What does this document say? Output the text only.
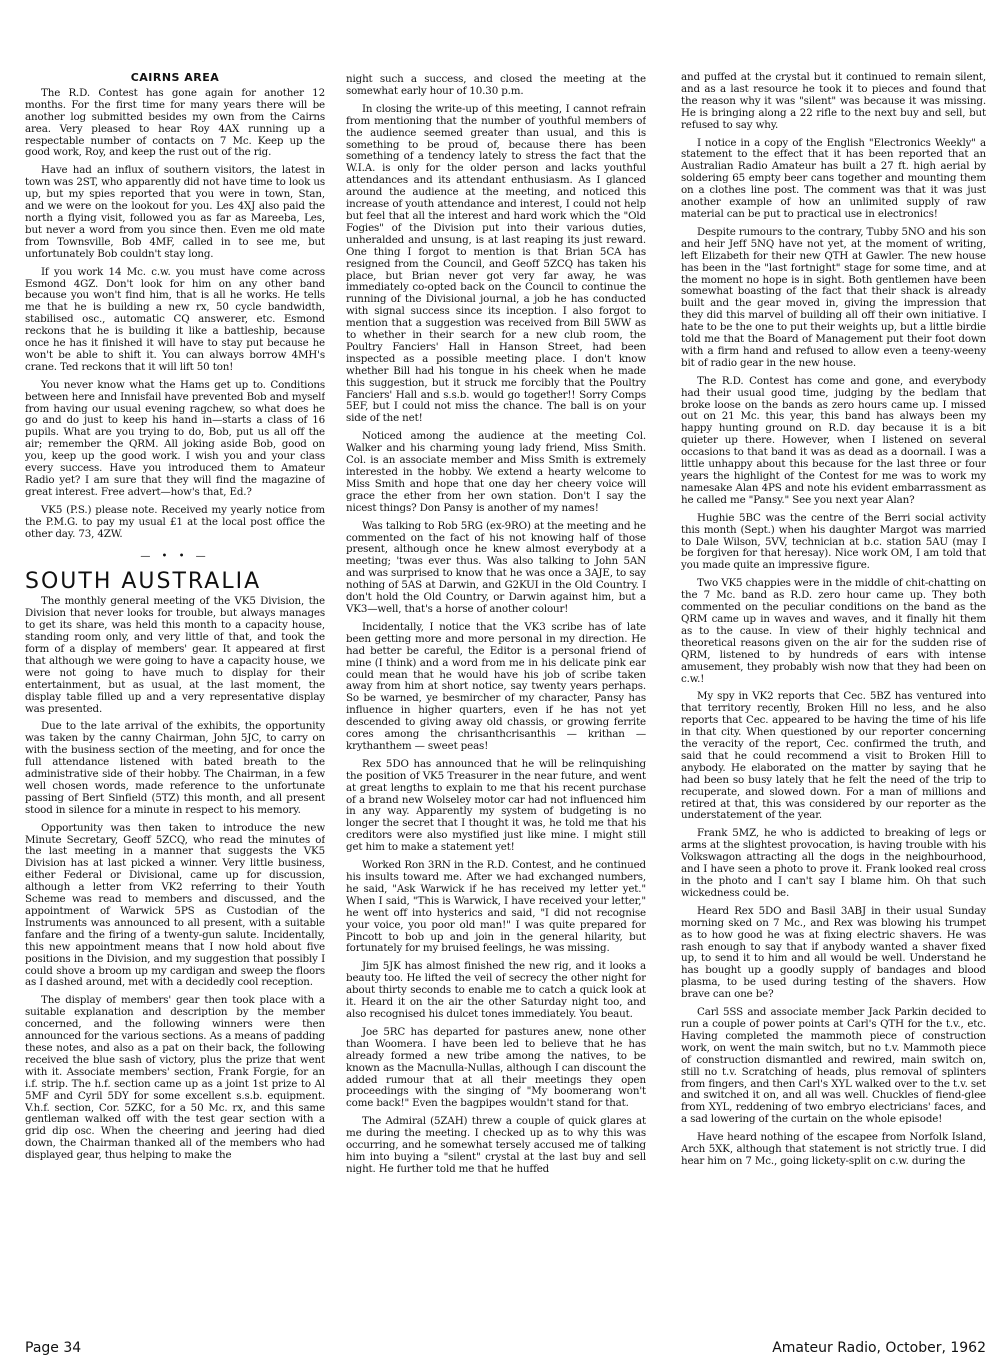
CAIRNS AREA

The R.D. Contest has gone again for another 12 months. For the first time for many years there will be another log submitted besides my own from the Cairns area. Very pleased to hear Roy 4AX running up a respectable number of contacts on 7 Mc. Keep up the good work, Roy, and keep the rust out of the rig.

Have had an influx of southern visitors, the latest in town was 2ST, who apparently did not have time to look us up, but my spies reported that you were in town, Stan, and we were on the lookout for you. Les 4XJ also paid the north a flying visit, followed you as far as Mareeba, Les, but never a word from you since then. Even me old mate from Townsville, Bob 4MF, called in to see me, but unfortunately Bob couldn't stay long.

If you work 14 Mc. c.w. you must have come across Esmond 4GZ. Don't look for him on any other band because you won't find him, that is all he works. He tells me that he is building a new rx, 50 cycle bandwidth, stabilised osc., automatic CQ answerer, etc. Esmond reckons that he is building it like a battleship, because once he has it finished it will have to stay put because he won't be able to shift it. You can always borrow 4MH's crane. Ted reckons that it will lift 50 ton!

You never know what the Hams get up to. Conditions between here and Innisfail have prevented Bob and myself from having our usual evening ragchew, so what does he go and do just to keep his hand in—starts a class of 16 pupils. What are you trying to do, Bob, put us all off the air; remember the QRM. All joking aside Bob, good on you, keep up the good work. I wish you and your class every success. Have you introduced them to Amateur Radio yet? I am sure that they will find the magazine of great interest. Free advert—how's that, Ed.?

VK5 (P.S.) please note. Received my yearly notice from the P.M.G. to pay my usual £1 at the local post office the other day. 73, 4ZW.

— • • —
SOUTH AUSTRALIA

The monthly general meeting of the VK5 Division, the Division that never looks for trouble, but always manages to get its share, was held this month to a capacity house, standing room only, and very little of that, and took the form of a display of members' gear. It appeared at first that although we were going to have a capacity house, we were not going to have much to display for their entertainment, but as usual, at the last moment, the display table filled up and a very representative display was presented.

Due to the late arrival of the exhibits, the opportunity was taken by the canny Chairman, John 5JC, to carry on with the business section of the meeting, and for once the full attendance listened with bated breath to the administrative side of their hobby. The Chairman, in a few well chosen words, made reference to the unfortunate passing of Bert Sinfield (5TZ) this month, and all present stood in silence for a minute in respect to his memory.

Opportunity was then taken to introduce the new Minute Secretary, Geoff 5ZCQ, who read the minutes of the last meeting in a manner that suggests the VK5 Division has at last picked a winner. Very little business, either Federal or Divisional, came up for discussion, although a letter from VK2 referring to their Youth Scheme was read to members and discussed, and the appointment of Warwick 5PS as Custodian of the Instruments was announced to all present, with a suitable fanfare and the firing of a twenty-gun salute. Incidentally, this new appointment means that I now hold about five positions in the Division, and my suggestion that possibly I could shove a broom up my cardigan and sweep the floors as I dashed around, met with a decidedly cool reception.

The display of members' gear then took place with a suitable explanation and description by the member concerned, and the following winners were then announced for the various sections. As a means of padding these notes, and also as a pat on their back, the following received the blue sash of victory, plus the prize that went with it. Associate members' section, Frank Forgie, for an i.f. strip. The h.f. section came up as a joint 1st prize to Al 5MF and Cyril 5DY for some excellent s.s.b. equipment. V.h.f. section, Cor. 5ZKC, for a 50 Mc. rx, and this same gentleman walked off with the test gear section with a grid dip osc. When the cheering and jeering had died down, the Chairman thanked all of the members who had displayed gear, thus helping to make the

night such a success, and closed the meeting at the somewhat early hour of 10.30 p.m.

In closing the write-up of this meeting, I cannot refrain from mentioning that the number of youthful members of the audience seemed greater than usual, and this is something to be proud of, because there has been something of a tendency lately to stress the fact that the W.I.A. is only for the older person and lacks youthful attendances and its attendant enthusiasm. As I glanced around the audience at the meeting, and noticed this increase of youth attendance and interest, I could not help but feel that all the interest and hard work which the "Old Fogies" of the Division put into their various duties, unheralded and unsung, is at last reaping its just reward. One thing I forgot to mention is that Brian 5CA has resigned from the Council, and Geoff 5ZCQ has taken his place, but Brian never got very far away, he was immediately co-opted back on the Council to continue the running of the Divisional journal, a job he has conducted with signal success since its inception. I also forgot to mention that a suggestion was received from Bill 5WW as to whether in their search for a new club room, the Poultry Fanciers' Hall in Hanson Street, had been inspected as a possible meeting place. I don't know whether Bill had his tongue in his cheek when he made this suggestion, but it struck me forcibly that the Poultry Fanciers' Hall and s.s.b. would go together!! Sorry Comps 5EF, but I could not miss the chance. The ball is on your side of the net!

Noticed among the audience at the meeting Col. Walker and his charming young lady friend, Miss Smith. Col. is an associate member and Miss Smith is extremely interested in the hobby. We extend a hearty welcome to Miss Smith and hope that one day her cheery voice will grace the ether from her own station. Don't I say the nicest things? Don Pansy is another of my names!

Was talking to Rob 5RG (ex-9RO) at the meeting and he commented on the fact of his not knowing half of those present, although once he knew almost everybody at a meeting; 'twas ever thus. Was also talking to John 5AN and was surprised to know that he was once a 3AJE, to say nothing of 5AS at Darwin, and G2KUI in the Old Country. I don't hold the Old Country, or Darwin against him, but a VK3—well, that's a horse of another colour!

Incidentally, I notice that the VK3 scribe has of late been getting more and more personal in my direction. He had better be careful, the Editor is a personal friend of mine (I think) and a word from me in his delicate pink ear could mean that he would have his job of scribe taken away from him at short notice, say twenty years perhaps. So be warned, ye besmircher of my character, Pansy has influence in higher quarters, even if he has not yet descended to giving away old chassis, or growing ferrite cores among the chrisanthcrisanthis — krithan — krythanthem — sweet peas!

Rex 5DO has announced that he will be relinquishing the position of VK5 Treasurer in the near future, and went at great lengths to explain to me that his recent purchase of a brand new Wolseley motor car had not influenced him in any way. Apparently my system of budgeting is no longer the secret that I thought it was, he told me that his creditors were also mystified just like mine. I might still get him to make a statement yet!

Worked Ron 3RN in the R.D. Contest, and he continued his insults toward me. After we had exchanged numbers, he said, "Ask Warwick if he has received my letter yet." When I said, "This is Warwick, I have received your letter," he went off into hysterics and said, "I did not recognise your voice, you poor old man!" I was quite prepared for Pincott to bob up and join in the general hilarity, but fortunately for my bruised feelings, he was missing.

Jim 5JK has almost finished the new rig, and it looks a beauty too. He lifted the veil of secrecy the other night for about thirty seconds to enable me to catch a quick look at it. Heard it on the air the other Saturday night too, and also recognised his dulcet tones immediately. You beaut.

Joe 5RC has departed for pastures anew, none other than Woomera. I have been led to believe that he has already formed a new tribe among the natives, to be known as the Macnulla-Nullas, although I can discount the added rumour that at all their meetings they open proceedings with the singing of "My boomerang won't come back!" Even the bagpipes wouldn't stand for that.

The Admiral (5ZAH) threw a couple of quick glares at me during the meeting. I checked up as to why this was occurring, and he somewhat tersely accused me of talking him into buying a "silent" crystal at the last buy and sell night. He further told me that he huffed

and puffed at the crystal but it continued to remain silent, and as a last resource he took it to pieces and found that the reason why it was "silent" was because it was missing. He is bringing along a 22 rifle to the next buy and sell, but refused to say why.

I notice in a copy of the English "Electronics Weekly" a statement to the effect that it has been reported that an Australian Radio Amateur has built a 27 ft. high aerial by soldering 65 empty beer cans together and mounting them on a clothes line post. The comment was that it was just another example of how an unlimited supply of raw material can be put to practical use in electronics!

Despite rumours to the contrary, Tubby 5NO and his son and heir Jeff 5NQ have not yet, at the moment of writing, left Elizabeth for their new QTH at Gawler. The new house has been in the "last fortnight" stage for some time, and at the moment no hope is in sight. Both gentlemen have been somewhat boasting of the fact that their shack is already built and the gear moved in, giving the impression that they did this marvel of building all off their own initiative. I hate to be the one to put their weights up, but a little birdie told me that the Board of Management put their foot down with a firm hand and refused to allow even a teeny-weeny bit of radio gear in the new house.

The R.D. Contest has come and gone, and everybody had their usual good time, judging by the bedlam that broke loose on the bands as zero hours came up. I missed out on 21 Mc. this year, this band has always been my happy hunting ground on R.D. day because it is a bit quieter up there. However, when I listened on several occasions to that band it was as dead as a doornail. I was a little unhappy about this because for the last three or four years the highlight of the Contest for me was to work my namesake Alan 4PS and note his evident embarrassment as he called me "Pansy." See you next year Alan?

Hughie 5BC was the centre of the Berri social activity this month (Sept.) when his daughter Margot was married to Dale Wilson, 5VV, technician at b.c. station 5AU (may I be forgiven for that heresay). Nice work OM, I am told that you made quite an impressive figure.

Two VK5 chappies were in the middle of chit-chatting on the 7 Mc. band as R.D. zero hour came up. They both commented on the peculiar conditions on the band as the QRM came up in waves and waves, and it finally hit them as to the cause. In view of their highly technical and theoretical reasons given on the air for the sudden rise of QRM, listened to by hundreds of ears with intense amusement, they probably wish now that they had been on c.w.!

My spy in VK2 reports that Cec. 5BZ has ventured into that territory recently, Broken Hill no less, and he also reports that Cec. appeared to be having the time of his life in that city. When questioned by our reporter concerning the veracity of the report, Cec. confirmed the truth, and said that he could recommend a visit to Broken Hill to anybody. He elaborated on the matter by saying that he had been so busy lately that he felt the need of the trip to recuperate, and slowed down. For a man of millions and retired at that, this was considered by our reporter as the understatement of the year.

Frank 5MZ, he who is addicted to breaking of legs or arms at the slightest provocation, is having trouble with his Volkswagon attracting all the dogs in the neighbourhood, and I have seen a photo to prove it. Frank looked real cross in the photo and I can't say I blame him. Oh that such wickedness could be.

Heard Rex 5DO and Basil 3ABJ in their usual Sunday morning sked on 7 Mc., and Rex was blowing his trumpet as to how good he was at fixing electric shavers. He was rash enough to say that if anybody wanted a shaver fixed up, to send it to him and all would be well. Understand he has bought up a goodly supply of bandages and blood plasma, to be used during testing of the shavers. How brave can one be?

Carl 5SS and associate member Jack Parkin decided to run a couple of power points at Carl's QTH for the t.v., etc. Having completed the mammoth piece of construction work, on went the main switch, but no t.v. Mammoth piece of construction dismantled and rewired, main switch on, still no t.v. Scratching of heads, plus removal of splinters from fingers, and then Carl's XYL walked over to the t.v. set and switched it on, and all was well. Chuckles of fiend-glee from XYL, reddening of two embryo electricians' faces, and a sad lowering of the curtain on the whole episode!

Have heard nothing of the escapee from Norfolk Island, Arch 5XK, although that statement is not strictly true. I did hear him on 7 Mc., going lickety-split on c.w. during the

Page 34	Amateur Radio, October, 1962
